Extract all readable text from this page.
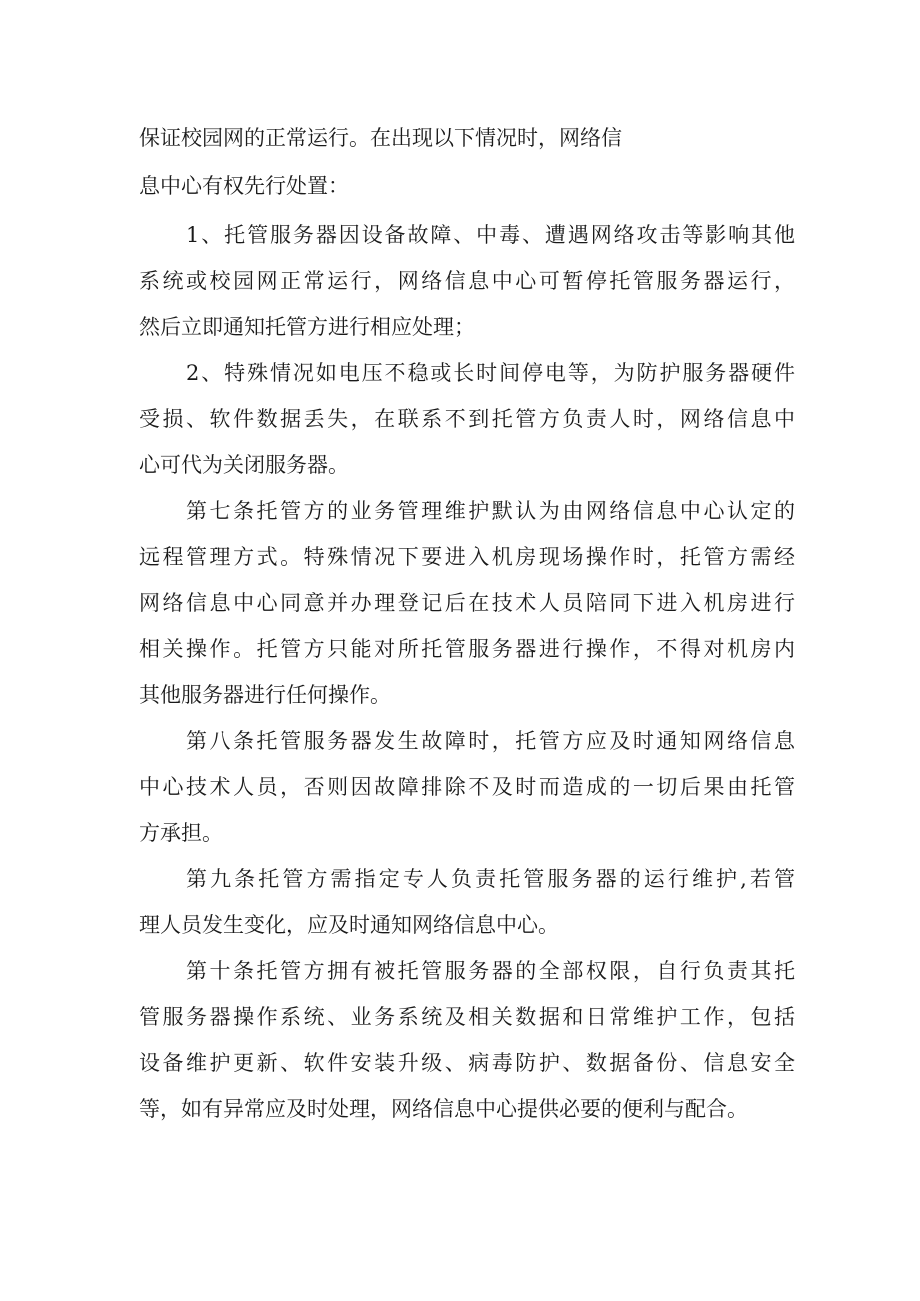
保证校园网的正常运行。在出现以下情况时，网络信

息中心有权先行处置：

1、托管服务器因设备故障、中毒、遭遇网络攻击等影响其他

系统或校园网正常运行，网络信息中心可暂停托管服务器运行，

然后立即通知托管方进行相应处理；

2、特殊情况如电压不稳或长时间停电等，为防护服务器硬件

受损、软件数据丢失，在联系不到托管方负责人时，网络信息中

心可代为关闭服务器。

第七条托管方的业务管理维护默认为由网络信息中心认定的

远程管理方式。特殊情况下要进入机房现场操作时，托管方需经

网络信息中心同意并办理登记后在技术人员陪同下进入机房进行

相关操作。托管方只能对所托管服务器进行操作，不得对机房内

其他服务器进行任何操作。

第八条托管服务器发生故障时，托管方应及时通知网络信息

中心技术人员，否则因故障排除不及时而造成的一切后果由托管

方承担。

第九条托管方需指定专人负责托管服务器的运行维护,若管

理人员发生变化，应及时通知网络信息中心。

第十条托管方拥有被托管服务器的全部权限，自行负责其托

管服务器操作系统、业务系统及相关数据和日常维护工作，包括

设备维护更新、软件安装升级、病毒防护、数据备份、信息安全

等，如有异常应及时处理，网络信息中心提供必要的便利与配合。
